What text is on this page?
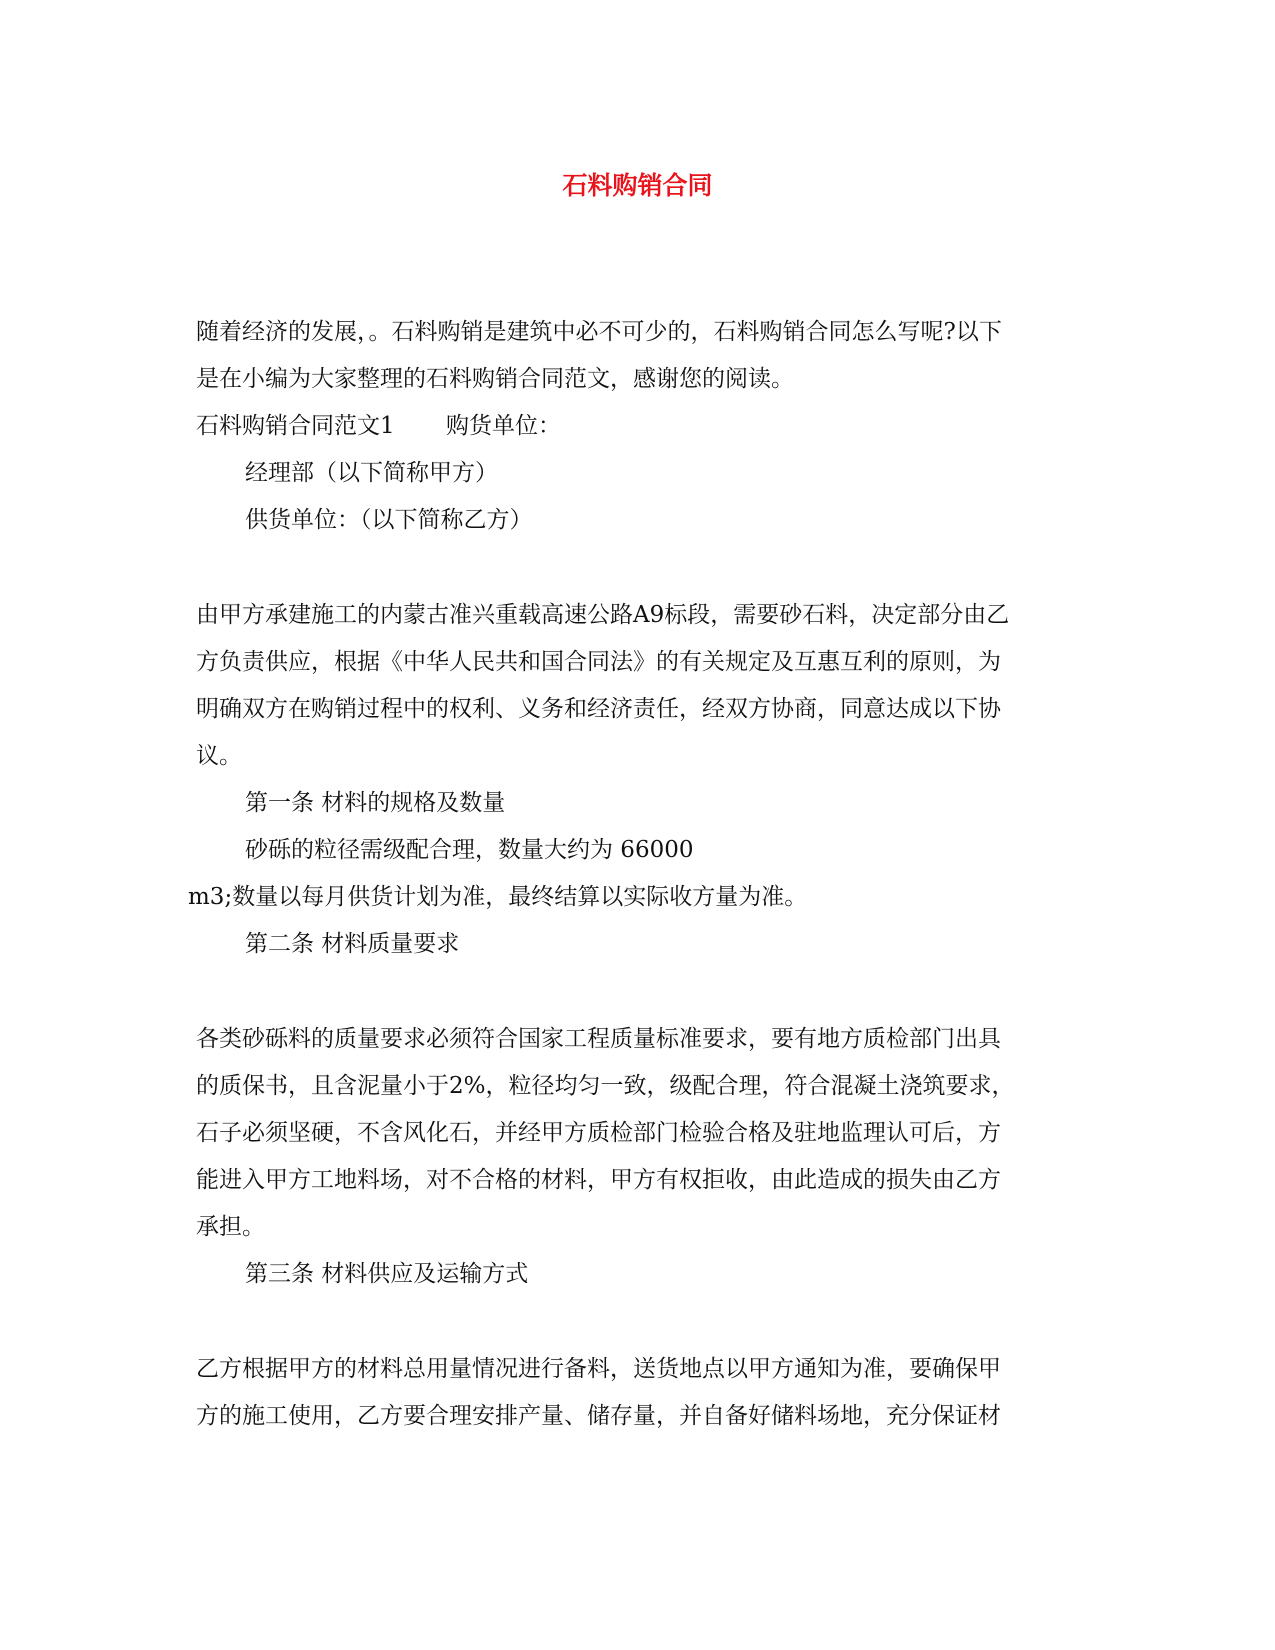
石料购销合同
随着经济的发展，。石料购销是建筑中必不可少的，石料购销合同怎么写呢?以下
是在小编为大家整理的石料购销合同范文，感谢您的阅读。
石料购销合同范文1 购货单位：
经理部（以下简称甲方）
供货单位：（以下简称乙方）
由甲方承建施工的内蒙古准兴重载高速公路A9标段，需要砂石料，决定部分由乙
方负责供应，根据《中华人民共和国合同法》的有关规定及互惠互利的原则，为
明确双方在购销过程中的权利、义务和经济责任，经双方协商，同意达成以下协
议。
第一条 材料的规格及数量
砂砾的粒径需级配合理，数量大约为 66000
m3;数量以每月供货计划为准，最终结算以实际收方量为准。
第二条 材料质量要求
各类砂砾料的质量要求必须符合国家工程质量标准要求，要有地方质检部门出具
的质保书，且含泥量小于2%，粒径均匀一致，级配合理，符合混凝土浇筑要求，
石子必须坚硬，不含风化石，并经甲方质检部门检验合格及驻地监理认可后，方
能进入甲方工地料场，对不合格的材料，甲方有权拒收，由此造成的损失由乙方
承担。
第三条 材料供应及运输方式
乙方根据甲方的材料总用量情况进行备料，送货地点以甲方通知为准，要确保甲
方的施工使用，乙方要合理安排产量、储存量，并自备好储料场地，充分保证材
